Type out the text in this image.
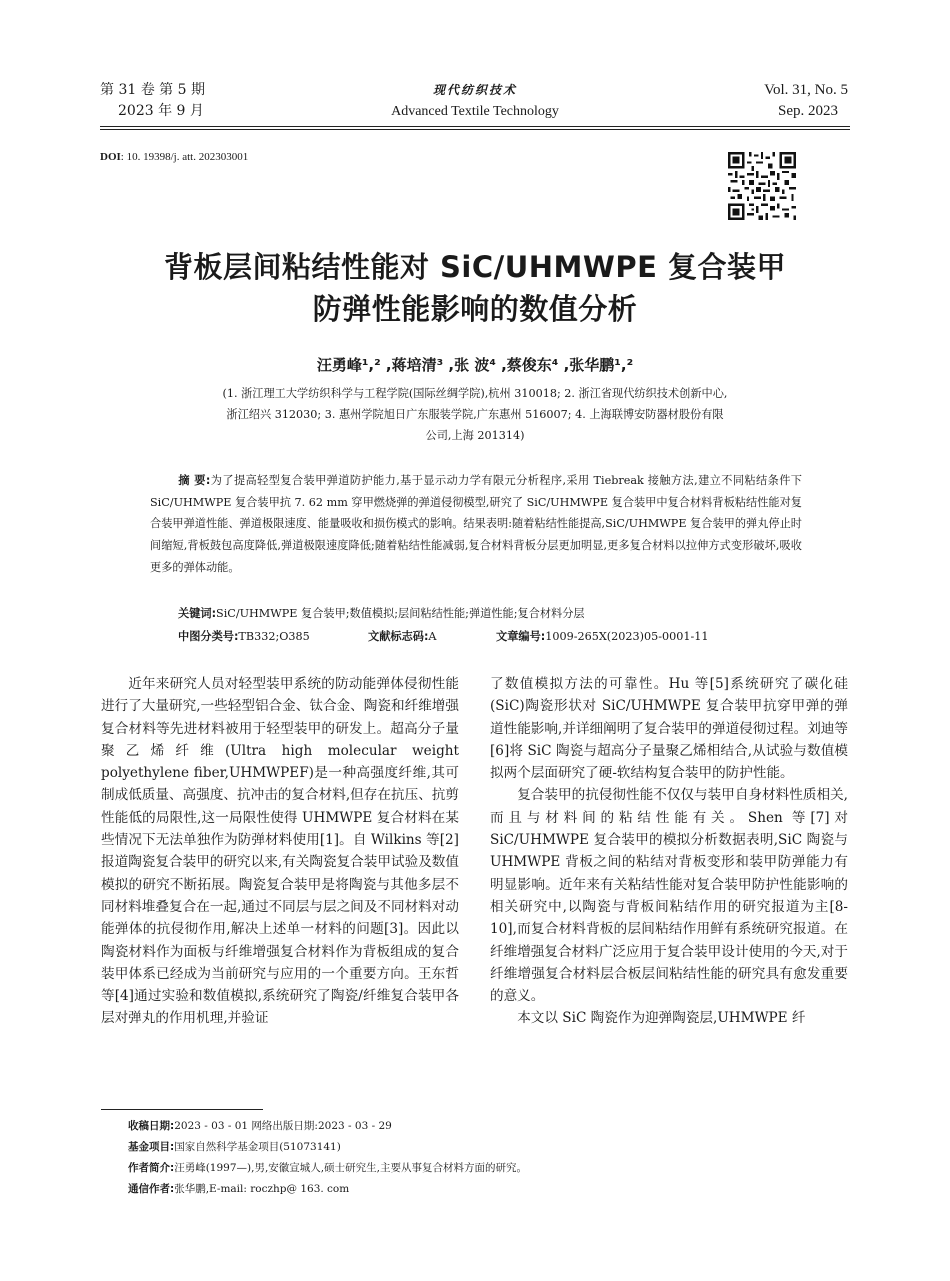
第 31 卷 第 5 期
2023 年 9 月
现代纺织技术
Advanced Textile Technology
Vol. 31, No. 5
Sep. 2023
DOI: 10. 19398/j. att. 202303001
背板层间粘结性能对 SiC/UHMWPE 复合装甲
防弹性能影响的数值分析
汪勇峰¹,² ,蒋培清³ ,张 波⁴ ,蔡俊东⁴ ,张华鹏¹,²
(1. 浙江理工大学纺织科学与工程学院(国际丝绸学院),杭州 310018; 2. 浙江省现代纺织技术创新中心,
浙江绍兴 312030; 3. 惠州学院旭日广东服装学院,广东惠州 516007; 4. 上海联博安防器材股份有限
公司,上海 201314)
摘 要:为了提高轻型复合装甲弹道防护能力,基于显示动力学有限元分析程序,采用 Tiebreak 接触方法,建立不同粘结条件下 SiC/UHMWPE 复合装甲抗 7. 62 mm 穿甲燃烧弹的弹道侵彻模型,研究了 SiC/UHMWPE 复合装甲中复合材料背板粘结性能对复合装甲弹道性能、弹道极限速度、能量吸收和损伤模式的影响。结果表明:随着粘结性能提高,SiC/UHMWPE 复合装甲的弹丸停止时间缩短,背板鼓包高度降低,弹道极限速度降低;随着粘结性能减弱,复合材料背板分层更加明显,更多复合材料以拉伸方式变形破坏,吸收更多的弹体动能。
关键词:SiC/UHMWPE 复合装甲;数值模拟;层间粘结性能;弹道性能;复合材料分层
中图分类号:TB332;O385	文献标志码:A	文章编号:1009-265X(2023)05-0001-11

近年来研究人员对轻型装甲系统的防动能弹体侵彻性能进行了大量研究,一些轻型铝合金、钛合金、陶瓷和纤维增强复合材料等先进材料被用于轻型装甲的研发上。超高分子量聚乙烯纤维(Ultra high molecular weight polyethylene fiber,UHMWPEF)是一种高强度纤维,其可制成低质量、高强度、抗冲击的复合材料,但存在抗压、抗剪性能低的局限性,这一局限性使得 UHMWPE 复合材料在某些情况下无法单独作为防弹材料使用[1]。自 Wilkins 等[2]报道陶瓷复合装甲的研究以来,有关陶瓷复合装甲试验及数值模拟的研究不断拓展。陶瓷复合装甲是将陶瓷与其他多层不同材料堆叠复合在一起,通过不同层与层之间及不同材料对动能弹体的抗侵彻作用,解决上述单一材料的问题[3]。因此以陶瓷材料作为面板与纤维增强复合材料作为背板组成的复合装甲体系已经成为当前研究与应用的一个重要方向。王东哲等[4]通过实验和数值模拟,系统研究了陶瓷/纤维复合装甲各层对弹丸的作用机理,并验证

了数值模拟方法的可靠性。Hu 等[5]系统研究了碳化硅(SiC)陶瓷形状对 SiC/UHMWPE 复合装甲抗穿甲弹的弹道性能影响,并详细阐明了复合装甲的弹道侵彻过程。刘迪等[6]将 SiC 陶瓷与超高分子量聚乙烯相结合,从试验与数值模拟两个层面研究了硬-软结构复合装甲的防护性能。

复合装甲的抗侵彻性能不仅仅与装甲自身材料性质相关,而且与材料间的粘结性能有关。Shen 等[7]对 SiC/UHMWPE 复合装甲的模拟分析数据表明,SiC 陶瓷与 UHMWPE 背板之间的粘结对背板变形和装甲防弹能力有明显影响。近年来有关粘结性能对复合装甲防护性能影响的相关研究中,以陶瓷与背板间粘结作用的研究报道为主[8-10],而复合材料背板的层间粘结作用鲜有系统研究报道。在纤维增强复合材料广泛应用于复合装甲设计使用的今天,对于纤维增强复合材料层合板层间粘结性能的研究具有愈发重要的意义。

本文以 SiC 陶瓷作为迎弹陶瓷层,UHMWPE 纤

收稿日期:2023 - 03 - 01 网络出版日期:2023 - 03 - 29
基金项目:国家自然科学基金项目(51073141)
作者简介:汪勇峰(1997—),男,安徽宣城人,硕士研究生,主要从事复合材料方面的研究。
通信作者:张华鹏,E-mail: roczhp@ 163. com
